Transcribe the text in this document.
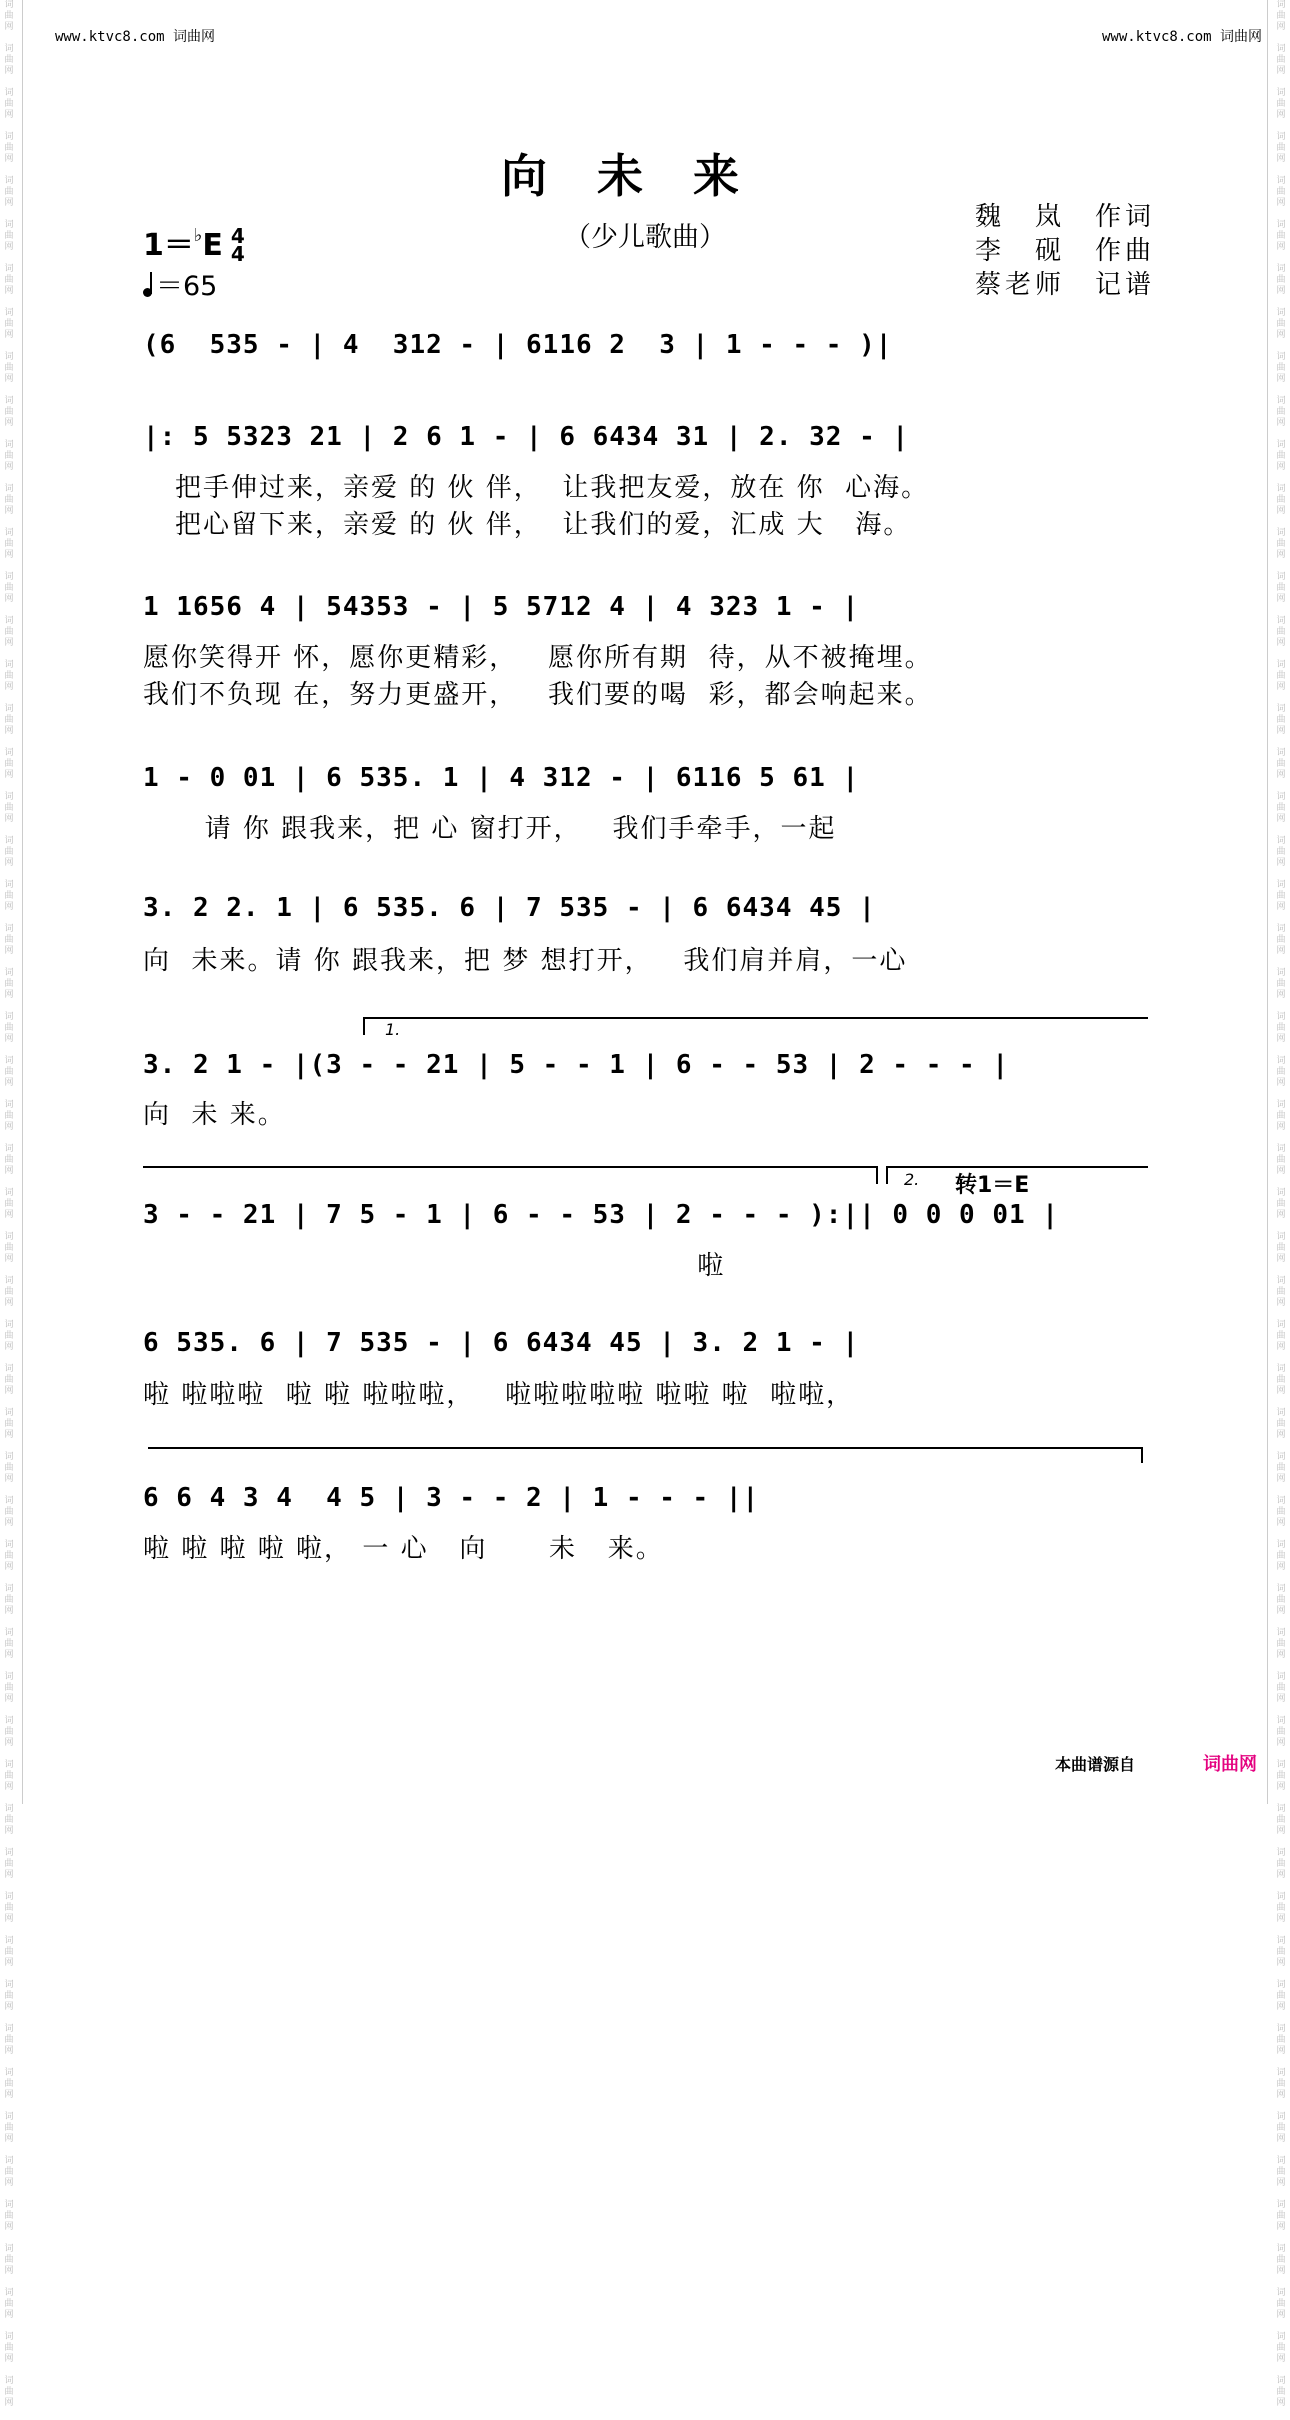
词
曲
网

词
曲
网

词
曲
网

词
曲
网

词
曲
网

词
曲
网

词
曲
网

词
曲
网

词
曲
网

词
曲
网

词
曲
网

词
曲
网

词
曲
网

词
曲
网

词
曲
网

词
曲
网

词
曲
网

词
曲
网

词
曲
网

词
曲
网

词
曲
网

词
曲
网

词
曲
网

词
曲
网

词
曲
网

词
曲
网

词
曲
网

词
曲
网

词
曲
网

词
曲
网

词
曲
网

词
曲
网

词
曲
网

词
曲
网

词
曲
网

词
曲
网

词
曲
网

词
曲
网

词
曲
网

词
曲
网

词
曲
网

词
曲
网

词
曲
网

词
曲
网

词
曲
网

词
曲
网

词
曲
网

词
曲
网

词
曲
网

词
曲
网

词
曲
网

词
曲
网

词
曲
网

词
曲
网

词
曲
网

词
曲
网

词
曲
网

词
曲
网

词
曲
网

词
曲
网

词
曲
网

词
曲
网

词
曲
网

词
曲
网

词
曲
网

词
曲
网

词
曲
网

词
曲
网

词
曲
网

词
曲
网

词
曲
网

词
曲
网

词
曲
网

词
曲
网

词
曲
网

词
曲
网

词
曲
网

词
曲
网

词
曲
网

词
曲
网

词
曲
网

词
曲
网

词
曲
网

词
曲
网

词
曲
网

词
曲
网

词
曲
网

词
曲
网

词
曲
网

词
曲
网

词
曲
网

词
曲
网

词
曲
网

词
曲
网

词
曲
网

词
曲
网

词
曲
网

词
曲
网

词
曲
网

词
曲
网

词
曲
网

词
曲
网

词
曲
网

词
曲
网

词
曲
网

词
曲
网

词
曲
网

词
曲
网

词
曲
网

词
曲
网

www.ktvc8.com 词曲网	www.ktvc8.com 词曲网
向未来
（少儿歌曲）
魏　岚　作词
李　砚　作曲
蔡老师　记谱
1＝♭E 4
4
＝65
(6  535 - | 4  312 - | 6116 2  3 | 1 - - - )|
|: 5 5323 21 | 2 6 1 - | 6 6434 31 | 2. 32 - |
把手伸过来，亲爱 的 伙 伴，  让我把友爱，放在 你  心海。
把心留下来，亲爱 的 伙 伴，  让我们的爱，汇成 大   海。
1 1656 4 | 54353 - | 5 5712 4 | 4 323 1 - |
愿你笑得开 怀，愿你更精彩，   愿你所有期  待，从不被掩埋。
我们不负现 在，努力更盛开，   我们要的喝  彩，都会响起来。
1 - 0 01 | 6 535. 1 | 4 312 - | 6116 5 61 |
请 你 跟我来，把 心 窗打开，   我们手牵手，一起
3. 2 2. 1 | 6 535. 6 | 7 535 - | 6 6434 45 |
向  未来。请 你 跟我来，把 梦 想打开，   我们肩并肩，一心
1.
3. 2 1 - |(3 - - 21 | 5 - - 1 | 6 - - 53 | 2 - - - |
向  未 来。
2. 转1＝E
3 - - 21 | 7 5 - 1 | 6 - - 53 | 2 - - - ):|| 0 0 0 01 |
啦
6 535. 6 | 7 535 - | 6 6434 45 | 3. 2 1 - |
啦 啦啦啦  啦 啦 啦啦啦，   啦啦啦啦啦 啦啦 啦  啦啦，
6 6 4 3 4  4 5 | 3 - - 2 | 1 - - - ||
啦 啦 啦 啦 啦， 一 心   向      未   来。
本曲谱源自	词曲网
